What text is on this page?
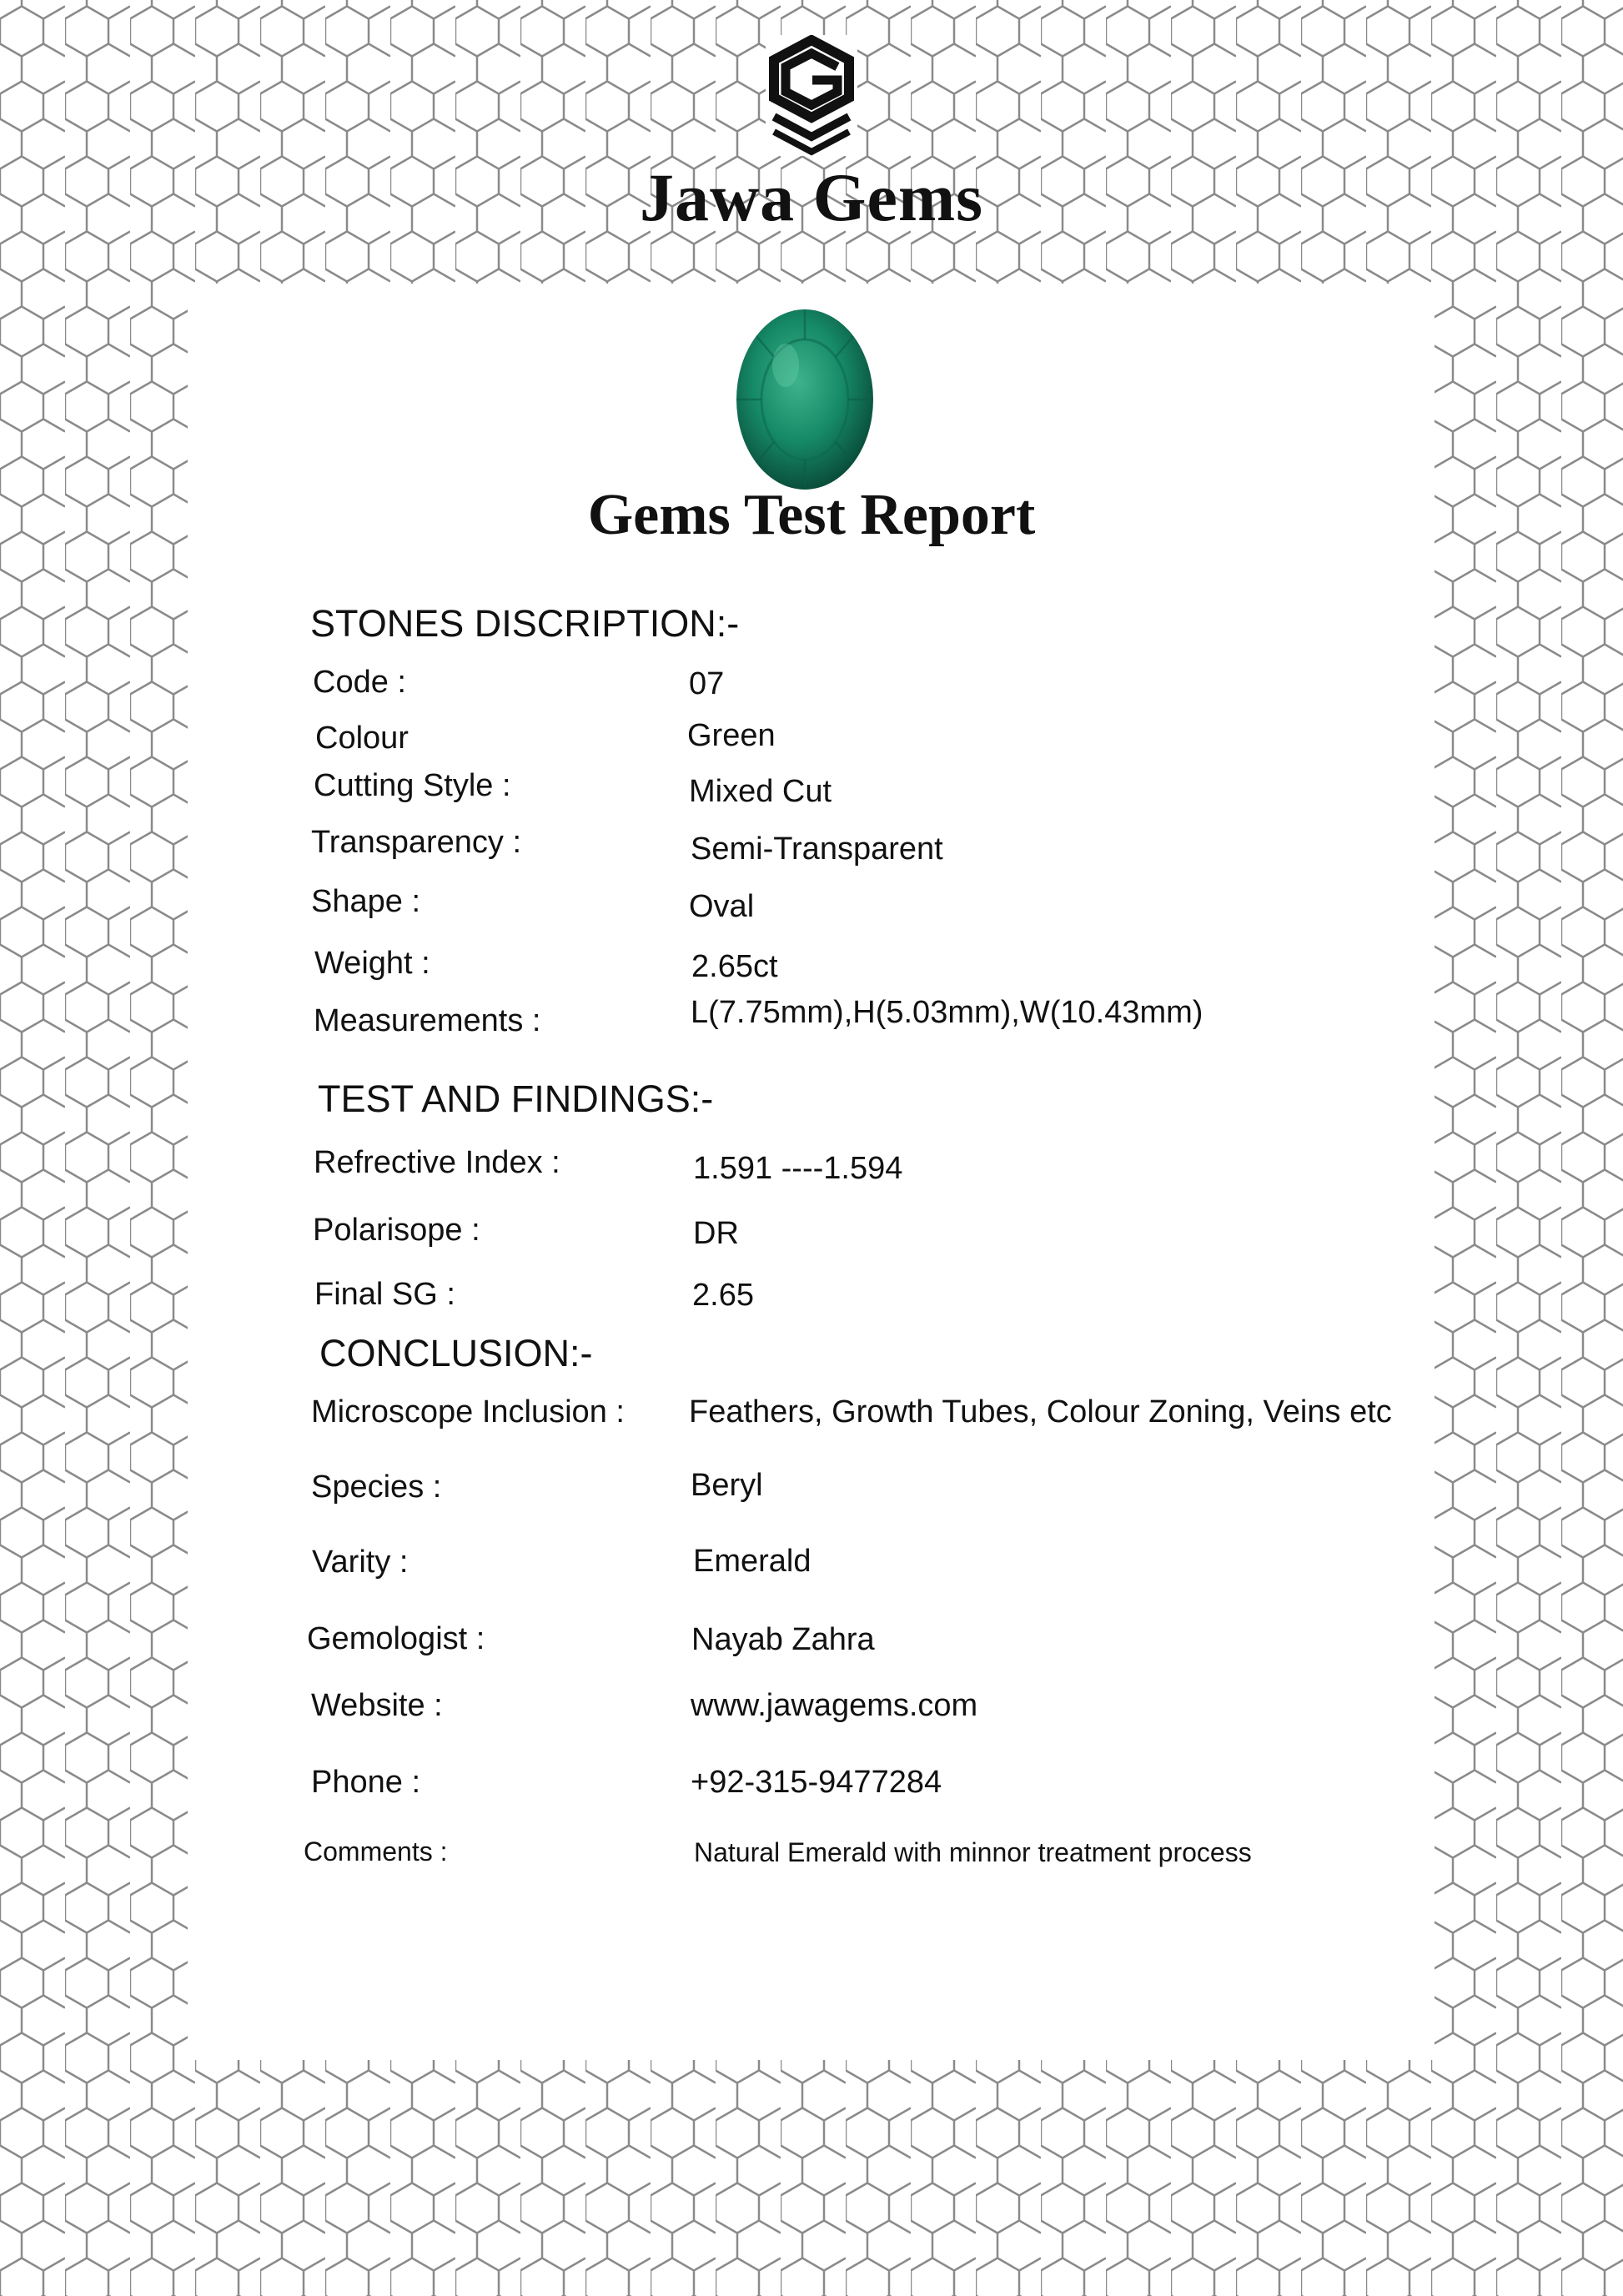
Jawa Gems
Gems Test Report
STONES DISCRIPTION:-
Code :	07
Colour	Green
Cutting Style :	Mixed Cut
Transparency :	Semi-Transparent
Shape :	Oval
Weight :	2.65ct
Measurements :	L(7.75mm),H(5.03mm),W(10.43mm)
TEST AND FINDINGS:-
Refrective Index :	1.591 ----1.594
Polarisope :	DR
Final SG :	2.65
CONCLUSION:-
Microscope Inclusion : Feathers, Growth Tubes, Colour Zoning, Veins etc
Species :	Beryl
Varity :	Emerald
Gemologist :	Nayab Zahra
Website :	www.jawagems.com
Phone :	+92-315-9477284
Comments :	Natural Emerald with minnor treatment process
